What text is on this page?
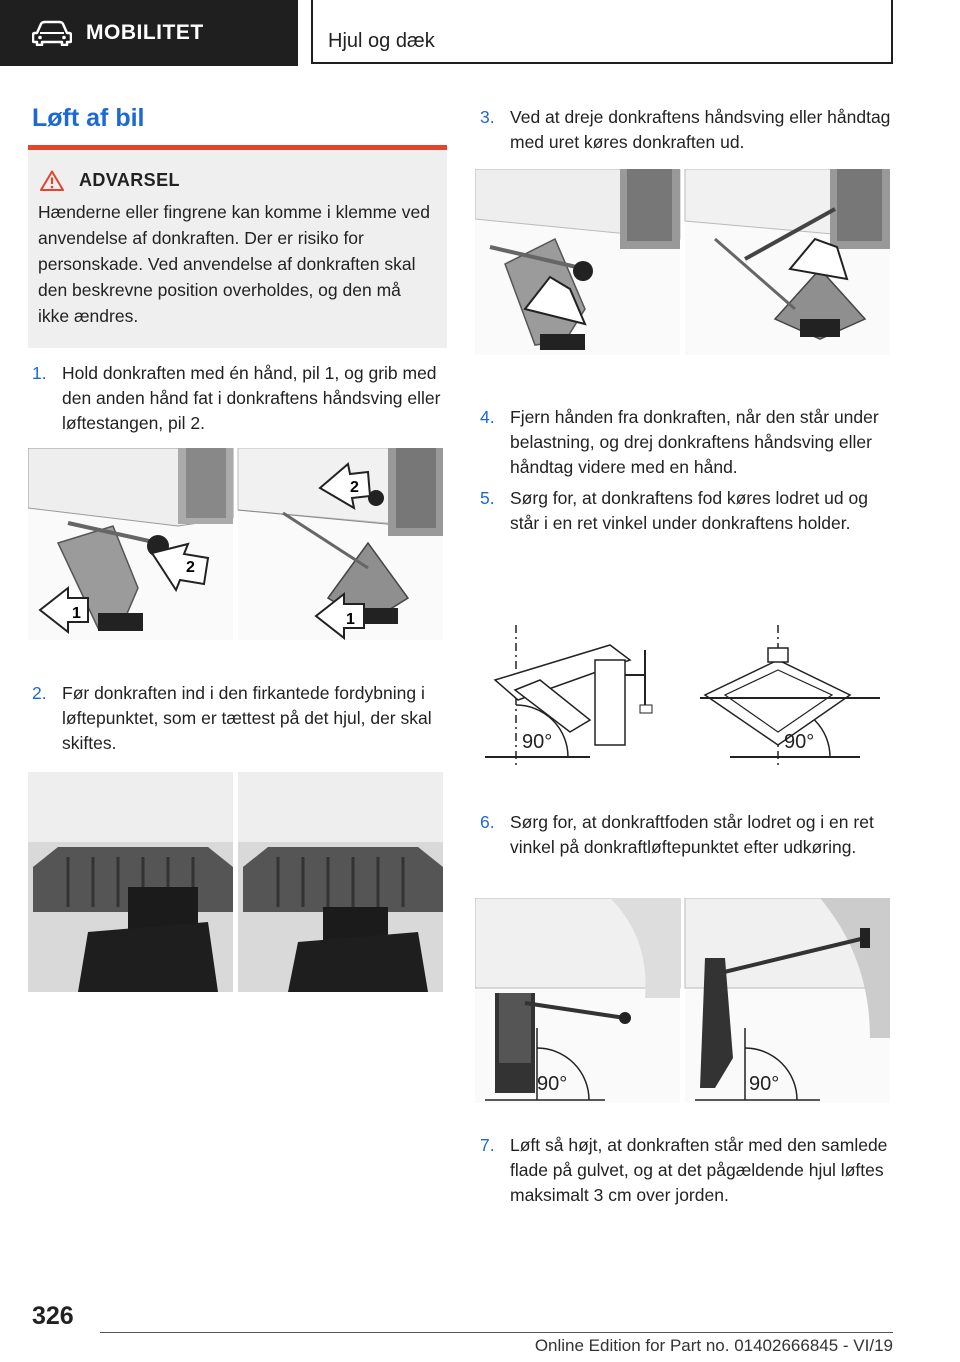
MOBILITET	Hjul og dæk
Løft af bil
ADVARSEL
Hænderne eller fingrene kan komme i klemme ved anvendelse af donkraften. Der er risiko for personskade. Ved anvendelse af donkraften skal den beskrevne position overholdes, og den må ikke ændres.
1. Hold donkraften med én hånd, pil 1, og grib med den anden hånd fat i donkraftens håndsving eller løftestangen, pil 2.
1
2
2
1
2. Før donkraften ind i den firkantede fordybning i løftepunktet, som er tættest på det hjul, der skal skiftes.
3. Ved at dreje donkraftens håndsving eller håndtag med uret køres donkraften ud.
4. Fjern hånden fra donkraften, når den står under belastning, og drej donkraftens håndsving eller håndtag videre med en hånd.
5. Sørg for, at donkraftens fod køres lodret ud og står i en ret vinkel under donkraftens holder.
90°	90°
6. Sørg for, at donkraftfoden står lodret og i en ret vinkel på donkraftløftepunktet efter udkøring.
90°	90°
7. Løft så højt, at donkraften står med den samlede flade på gulvet, og at det pågældende hjul løftes maksimalt 3 cm over jorden.
326
Online Edition for Part no. 01402666845 - VI/19
